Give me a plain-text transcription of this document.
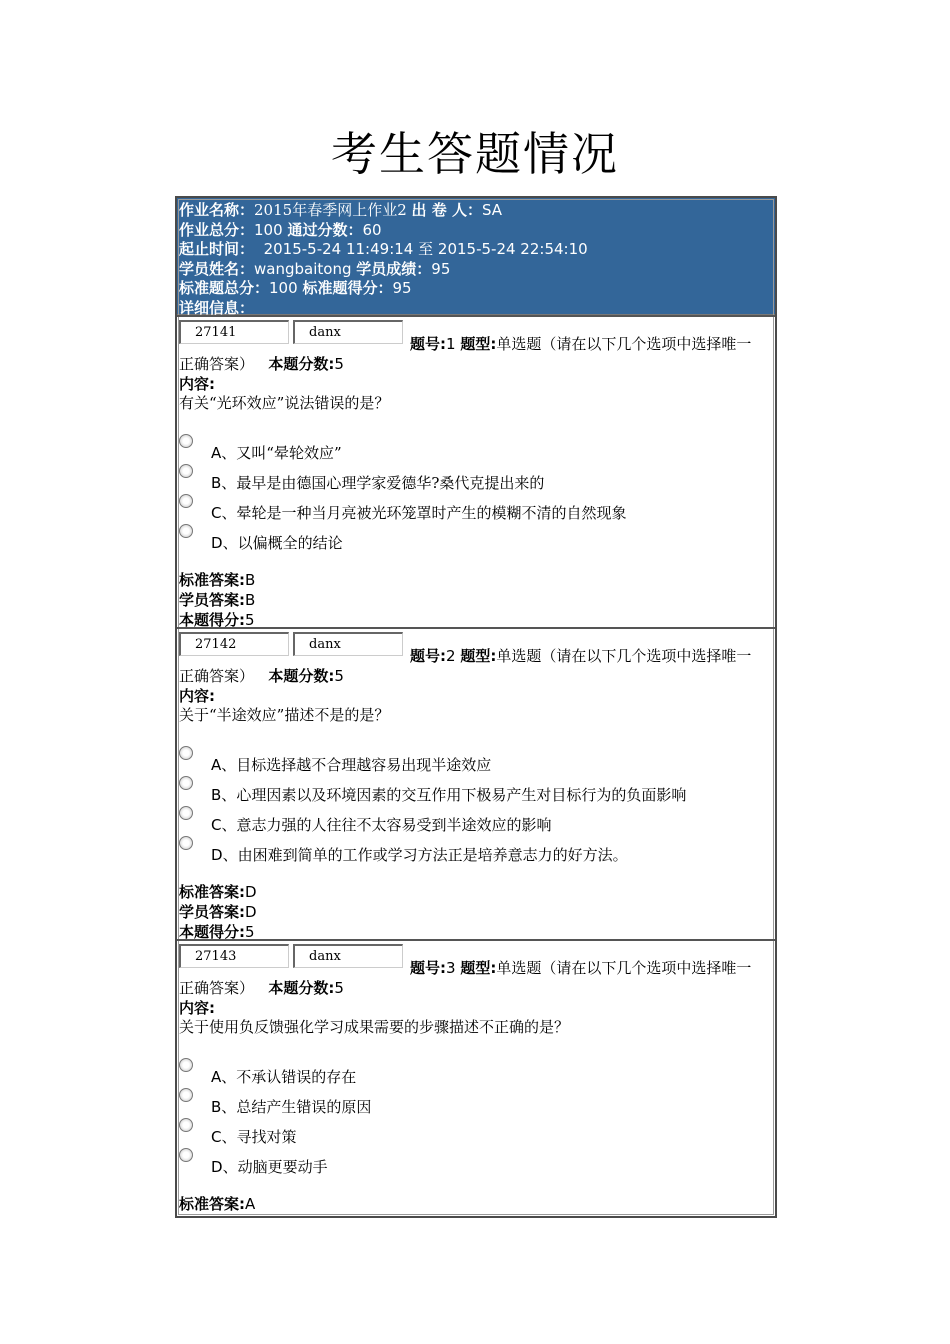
考生答题情况
作业名称：2015年春季网上作业2 出 卷 人：SA
作业总分：100 通过分数：60
起止时间： 2015-5-24 11:49:14 至 2015-5-24 22:54:10
学员姓名：wangbaitong 学员成绩：95
标准题总分：100 标准题得分：95
详细信息：
27141	danx
题号:1 题型:单选题（请在以下几个选项中选择唯一
正确答案） 本题分数:5
内容:
有关“光环效应”说法错误的是？
A、又叫“晕轮效应”
B、最早是由德国心理学家爱德华?桑代克提出来的
C、晕轮是一种当月亮被光环笼罩时产生的模糊不清的自然现象
D、以偏概全的结论
标准答案:B
学员答案:B
本题得分:5
27142	danx
题号:2 题型:单选题（请在以下几个选项中选择唯一
正确答案） 本题分数:5
内容:
关于“半途效应”描述不是的是？
A、目标选择越不合理越容易出现半途效应
B、心理因素以及环境因素的交互作用下极易产生对目标行为的负面影响
C、意志力强的人往往不太容易受到半途效应的影响
D、由困难到简单的工作或学习方法正是培养意志力的好方法。
标准答案:D
学员答案:D
本题得分:5
27143	danx
题号:3 题型:单选题（请在以下几个选项中选择唯一
正确答案） 本题分数:5
内容:
关于使用负反馈强化学习成果需要的步骤描述不正确的是？
A、不承认错误的存在
B、总结产生错误的原因
C、寻找对策
D、动脑更要动手
标准答案:A
